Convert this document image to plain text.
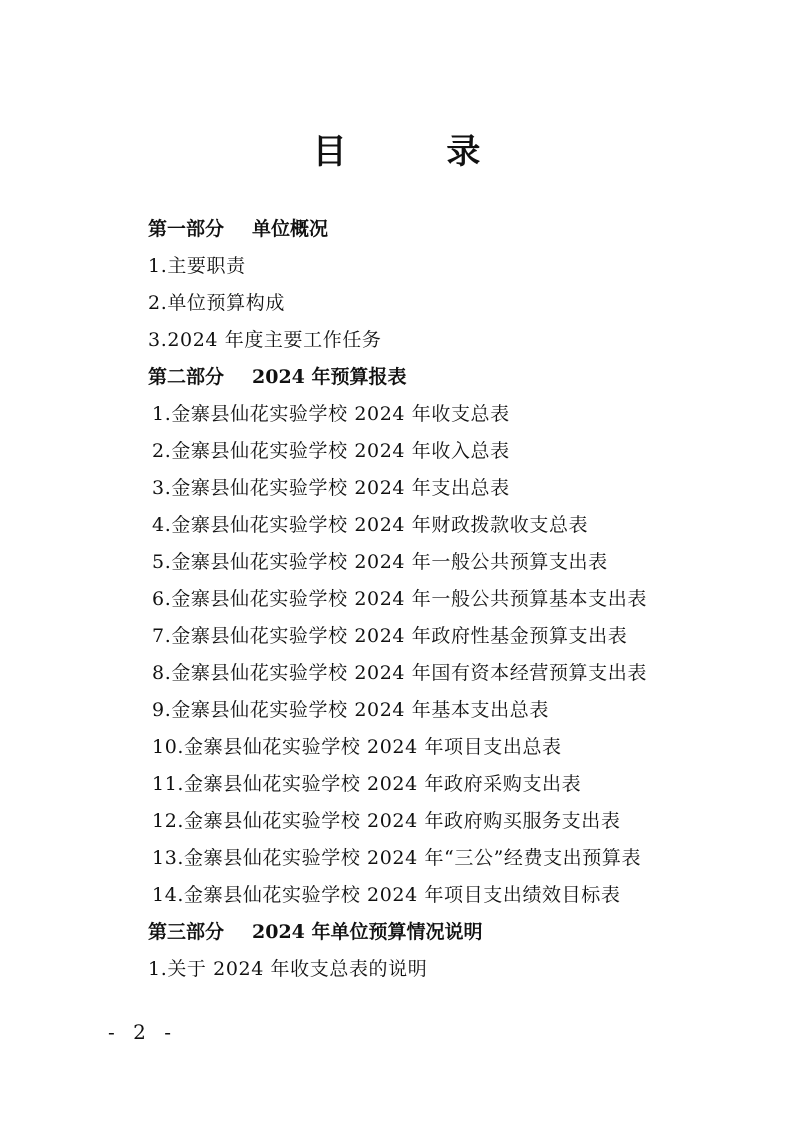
目 录
第一部分 单位概况
1.主要职责
2.单位预算构成
3.2024 年度主要工作任务
第二部分 2024 年预算报表
1.金寨县仙花实验学校 2024 年收支总表
2.金寨县仙花实验学校 2024 年收入总表
3.金寨县仙花实验学校 2024 年支出总表
4.金寨县仙花实验学校 2024 年财政拨款收支总表
5.金寨县仙花实验学校 2024 年一般公共预算支出表
6.金寨县仙花实验学校 2024 年一般公共预算基本支出表
7.金寨县仙花实验学校 2024 年政府性基金预算支出表
8.金寨县仙花实验学校 2024 年国有资本经营预算支出表
9.金寨县仙花实验学校 2024 年基本支出总表
10.金寨县仙花实验学校 2024 年项目支出总表
11.金寨县仙花实验学校 2024 年政府采购支出表
12.金寨县仙花实验学校 2024 年政府购买服务支出表
13.金寨县仙花实验学校 2024 年“三公”经费支出预算表
14.金寨县仙花实验学校 2024 年项目支出绩效目标表
第三部分 2024 年单位预算情况说明
1.关于 2024 年收支总表的说明
- 2 -
